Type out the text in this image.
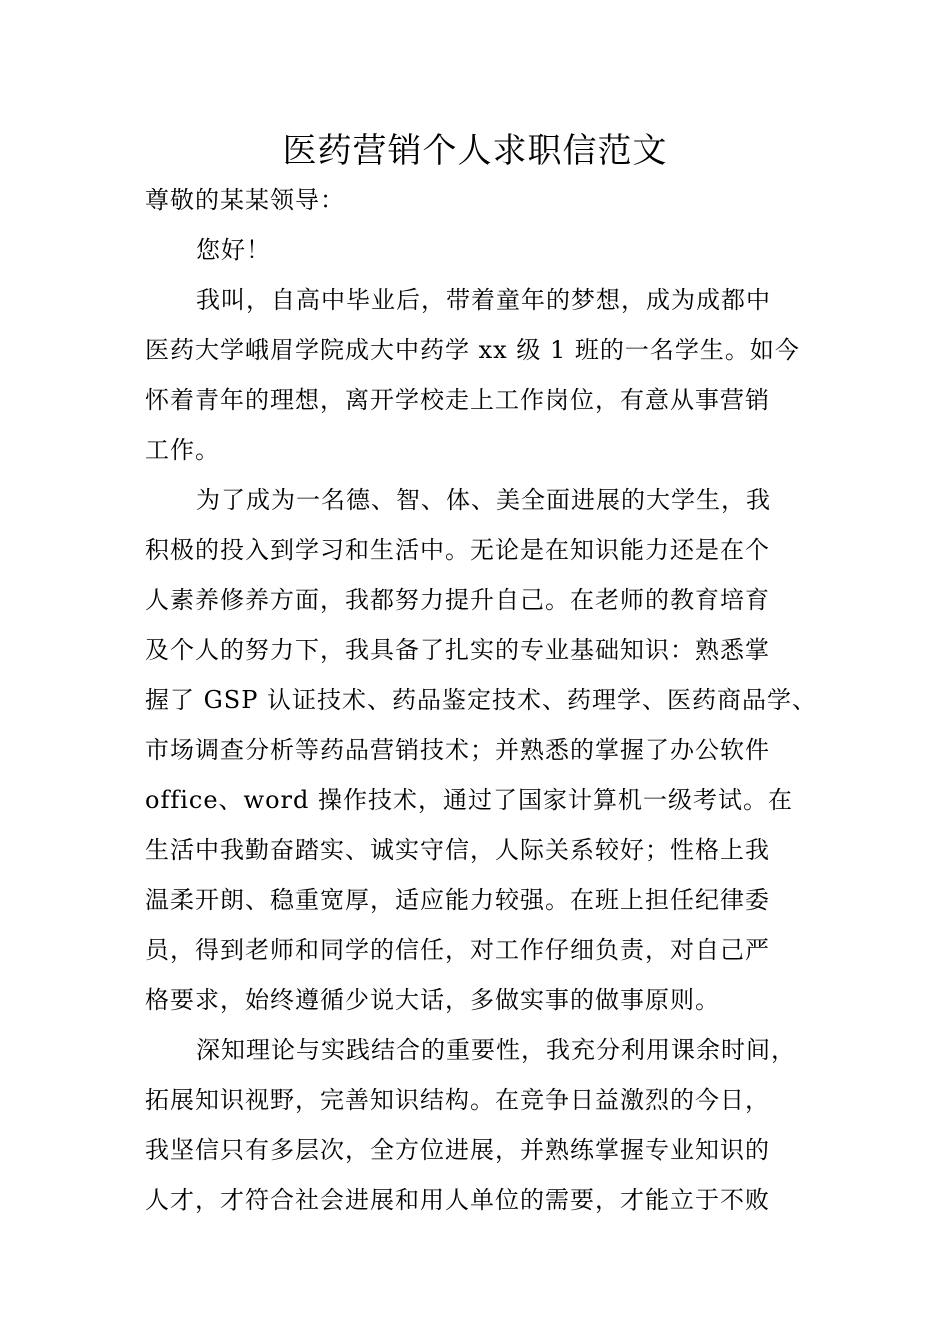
医药营销个人求职信范文
尊敬的某某领导：
您好！
我叫，自高中毕业后，带着童年的梦想，成为成都中
医药大学峨眉学院成大中药学 xx 级 1 班的一名学生。如今
怀着青年的理想，离开学校走上工作岗位，有意从事营销
工作。
为了成为一名德、智、体、美全面进展的大学生，我
积极的投入到学习和生活中。无论是在知识能力还是在个
人素养修养方面，我都努力提升自己。在老师的教育培育
及个人的努力下，我具备了扎实的专业基础知识：熟悉掌
握了 GSP 认证技术、药品鉴定技术、药理学、医药商品学、
市场调查分析等药品营销技术；并熟悉的掌握了办公软件
office、word 操作技术，通过了国家计算机一级考试。在
生活中我勤奋踏实、诚实守信，人际关系较好；性格上我
温柔开朗、稳重宽厚，适应能力较强。在班上担任纪律委
员，得到老师和同学的信任，对工作仔细负责，对自己严
格要求，始终遵循少说大话，多做实事的做事原则。
深知理论与实践结合的重要性，我充分利用课余时间，
拓展知识视野，完善知识结构。在竞争日益激烈的今日，
我坚信只有多层次，全方位进展，并熟练掌握专业知识的
人才，才符合社会进展和用人单位的需要，才能立于不败
